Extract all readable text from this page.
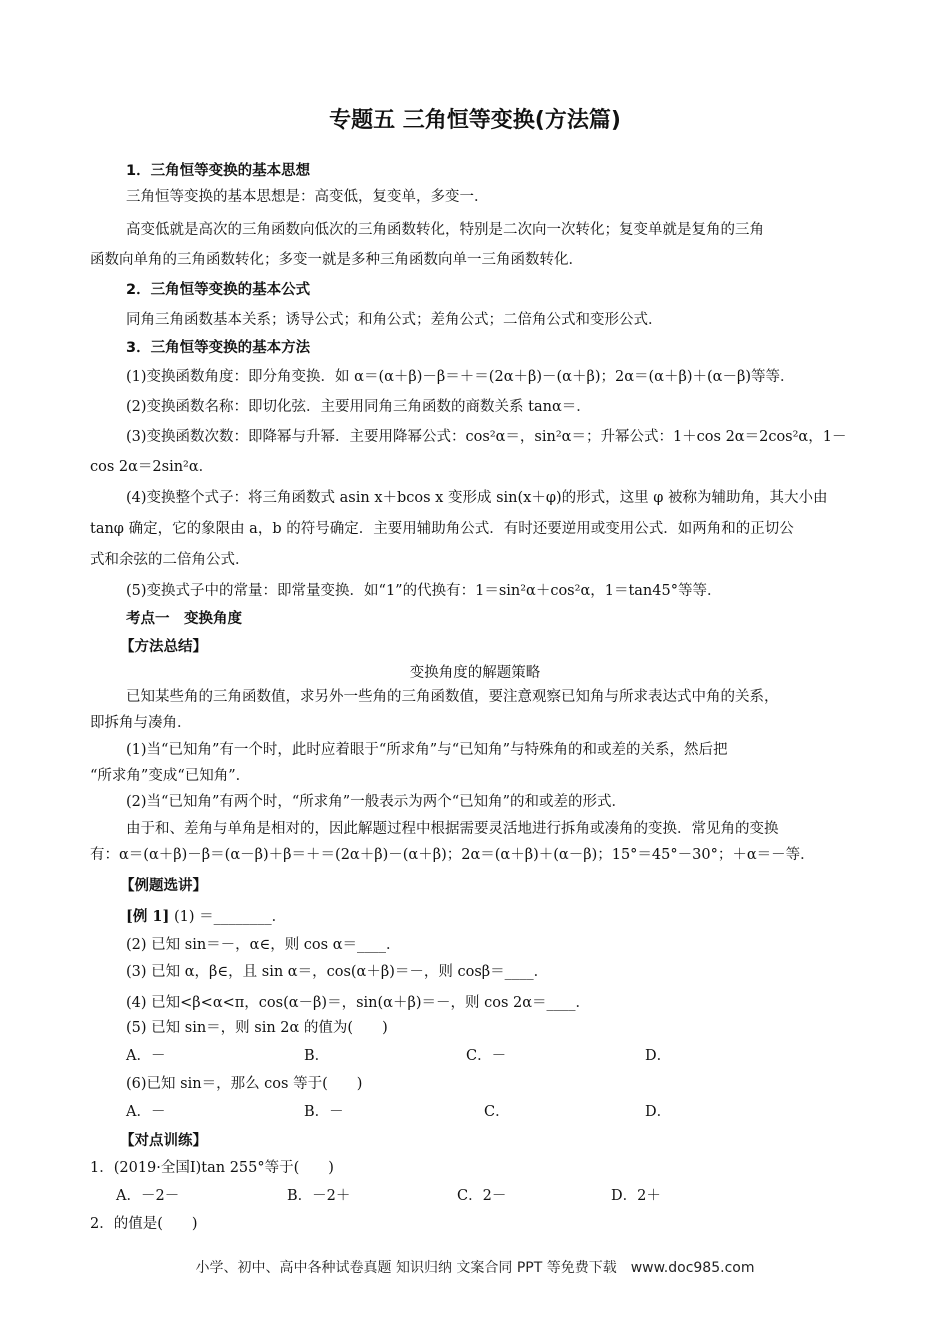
专题五 三角恒等变换(方法篇)
1．三角恒等变换的基本思想
三角恒等变换的基本思想是：高变低，复变单，多变一．
高变低就是高次的三角函数向低次的三角函数转化，特别是二次向一次转化；复变单就是复角的三角
函数向单角的三角函数转化；多变一就是多种三角函数向单一三角函数转化．
2．三角恒等变换的基本公式
同角三角函数基本关系；诱导公式；和角公式；差角公式；二倍角公式和变形公式．
3．三角恒等变换的基本方法
(1)变换函数角度：即分角变换．如 α＝(α＋β)－β＝＋＝(2α＋β)－(α＋β)；2α＝(α＋β)＋(α－β)等等．
(2)变换函数名称：即切化弦．主要用同角三角函数的商数关系 tanα＝．
(3)变换函数次数：即降幂与升幂．主要用降幂公式：cos²α＝，sin²α＝；升幂公式：1＋cos 2α＝2cos²α，1－
cos 2α＝2sin²α．
(4)变换整个式子：将三角函数式 asin x＋bcos x 变形成 sin(x＋φ)的形式，这里 φ 被称为辅助角，其大小由
tanφ 确定，它的象限由 a，b 的符号确定．主要用辅助角公式．有时还要逆用或变用公式．如两角和的正切公
式和余弦的二倍角公式．
(5)变换式子中的常量：即常量变换．如“1”的代换有：1＝sin²α＋cos²α，1＝tan45°等等．
考点一　变换角度
【方法总结】
变换角度的解题策略
已知某些角的三角函数值，求另外一些角的三角函数值，要注意观察已知角与所求表达式中角的关系，
即拆角与凑角．
(1)当“已知角”有一个时，此时应着眼于“所求角”与“已知角”与特殊角的和或差的关系，然后把
“所求角”变成“已知角”．
(2)当“已知角”有两个时，“所求角”一般表示为两个“已知角”的和或差的形式．
由于和、差角与单角是相对的，因此解题过程中根据需要灵活地进行拆角或凑角的变换．常见角的变换
有：α＝(α＋β)－β＝(α－β)＋β＝＋＝(2α＋β)－(α＋β)；2α＝(α＋β)＋(α－β)；15°＝45°－30°；＋α＝－等．
【例题选讲】
[例 1] (1) ＝________．
(2) 已知 sin＝－，α∈，则 cos α＝____．
(3) 已知 α，β∈，且 sin α＝，cos(α＋β)＝－，则 cosβ＝____．
(4) 已知<β<α<π，cos(α－β)＝，sin(α＋β)＝－，则 cos 2α＝____．
(5) 已知 sin＝，则 sin 2α 的值为(　　)
A．－	B．	C．－	D．
(6)已知 sin＝，那么 cos 等于(　　)
A．－	B．－	C．	D．
【对点训练】
1．(2019·全国Ⅰ)tan 255°等于(　　)
A．－2－	B．－2＋	C．2－	D．2＋
2．的值是(　　)
小学、初中、高中各种试卷真题 知识归纳 文案合同 PPT 等免费下载　www.doc985.com
